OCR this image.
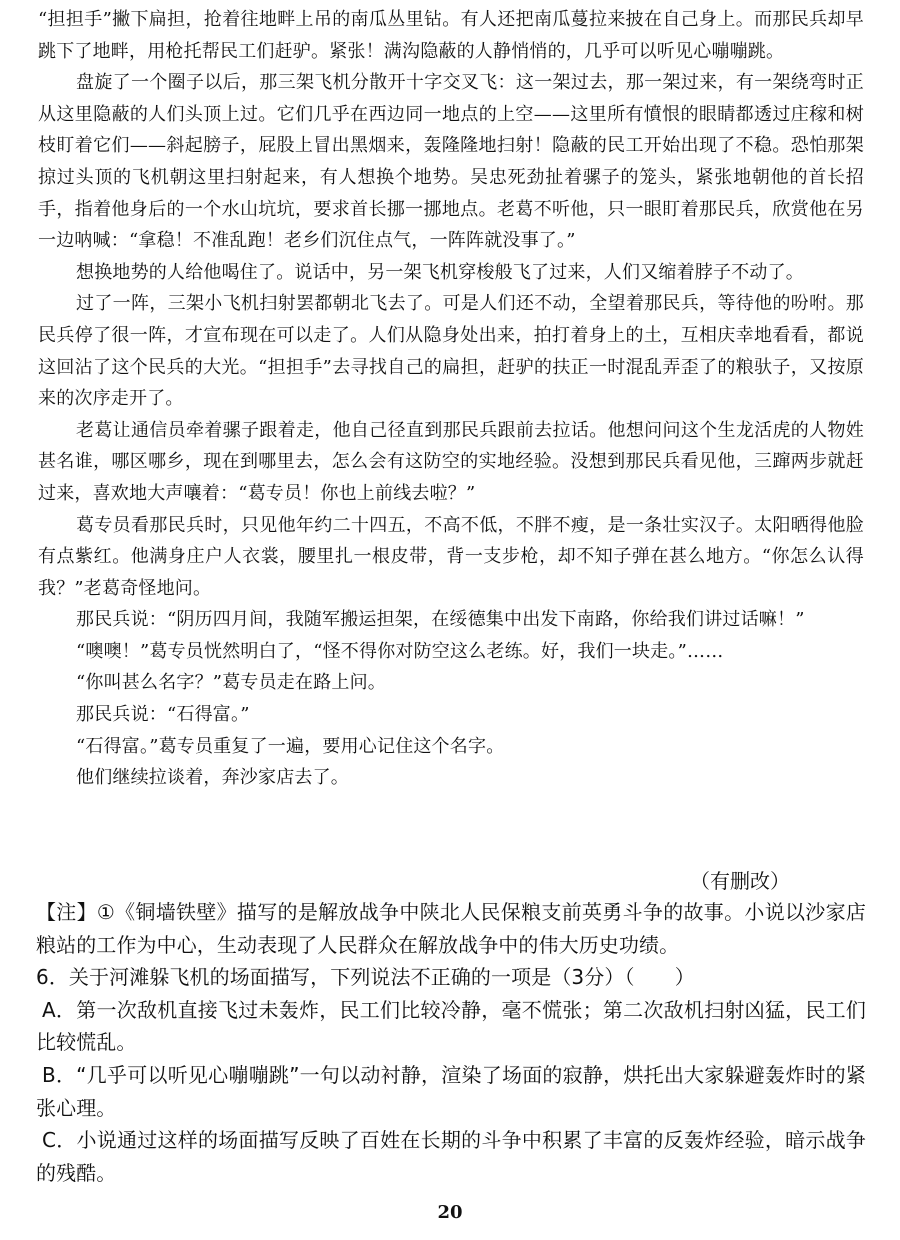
“担担手”撇下扁担，抢着往地畔上吊的南瓜丛里钻。有人还把南瓜蔓拉来披在自己身上。而那民兵却早跳下了地畔，用枪托帮民工们赶驴。紧张！满沟隐蔽的人静悄悄的，几乎可以听见心嘣嘣跳。

盘旋了一个圈子以后，那三架飞机分散开十字交叉飞：这一架过去，那一架过来，有一架绕弯时正从这里隐蔽的人们头顶上过。它们几乎在西边同一地点的上空——这里所有憤恨的眼睛都透过庄稼和树枝盯着它们——斜起膀子，屁股上冒出黑烟来，轰隆隆地扫射！隐蔽的民工开始出现了不稳。恐怕那架掠过头顶的飞机朝这里扫射起来，有人想换个地势。吴忠死劲扯着骡子的笼头，紧张地朝他的首长招手，指着他身后的一个水山坑坑，要求首长挪一挪地点。老葛不听他，只一眼盯着那民兵，欣赏他在另一边呐喊：“拿稳！不准乱跑！老乡们沉住点气，一阵阵就没事了。”

想换地势的人给他喝住了。说话中，另一架飞机穿梭般飞了过来，人们又缩着脖子不动了。

过了一阵，三架小飞机扫射罢都朝北飞去了。可是人们还不动，全望着那民兵，等待他的吩咐。那民兵停了很一阵，才宣布现在可以走了。人们从隐身处出来，拍打着身上的土，互相庆幸地看看，都说这回沾了这个民兵的大光。“担担手”去寻找自己的扁担，赶驴的扶正一时混乱弄歪了的粮驮子，又按原来的次序走开了。

老葛让通信员牵着骡子跟着走，他自己径直到那民兵跟前去拉话。他想问问这个生龙活虎的人物姓甚名谁，哪区哪乡，现在到哪里去，怎么会有这防空的实地经验。没想到那民兵看见他，三蹿两步就赶过来，喜欢地大声嚷着：“葛专员！你也上前线去啦？”

葛专员看那民兵时，只见他年约二十四五，不高不低，不胖不瘦，是一条壮实汉子。太阳晒得他脸有点紫红。他满身庄户人衣裳，腰里扎一根皮带，背一支步枪，却不知子弹在甚么地方。“你怎么认得我？”老葛奇怪地问。

那民兵说：“阴历四月间，我随军搬运担架，在绥德集中出发下南路，你给我们讲过话嘛！”

“噢噢！”葛专员恍然明白了，“怪不得你对防空这么老练。好，我们一块走。”……

“你叫甚么名字？”葛专员走在路上问。

那民兵说：“石得富。”

“石得富。”葛专员重复了一遍，要用心记住这个名字。

他们继续拉谈着，奔沙家店去了。

（有删改）

【注】①《铜墙铁壁》描写的是解放战争中陕北人民保粮支前英勇斗争的故事。小说以沙家店粮站的工作为中心，生动表现了人民群众在解放战争中的伟大历史功绩。

6．关于河滩躲飞机的场面描写，下列说法不正确的一项是（3分）（　　）

A．第一次敌机直接飞过未轰炸，民工们比较冷静，毫不慌张；第二次敌机扫射凶猛，民工们比较慌乱。

B．“几乎可以听见心嘣嘣跳”一句以动衬静，渲染了场面的寂静，烘托出大家躲避轰炸时的紧张心理。

C．小说通过这样的场面描写反映了百姓在长期的斗争中积累了丰富的反轰炸经验，暗示战争的残酷。

20
